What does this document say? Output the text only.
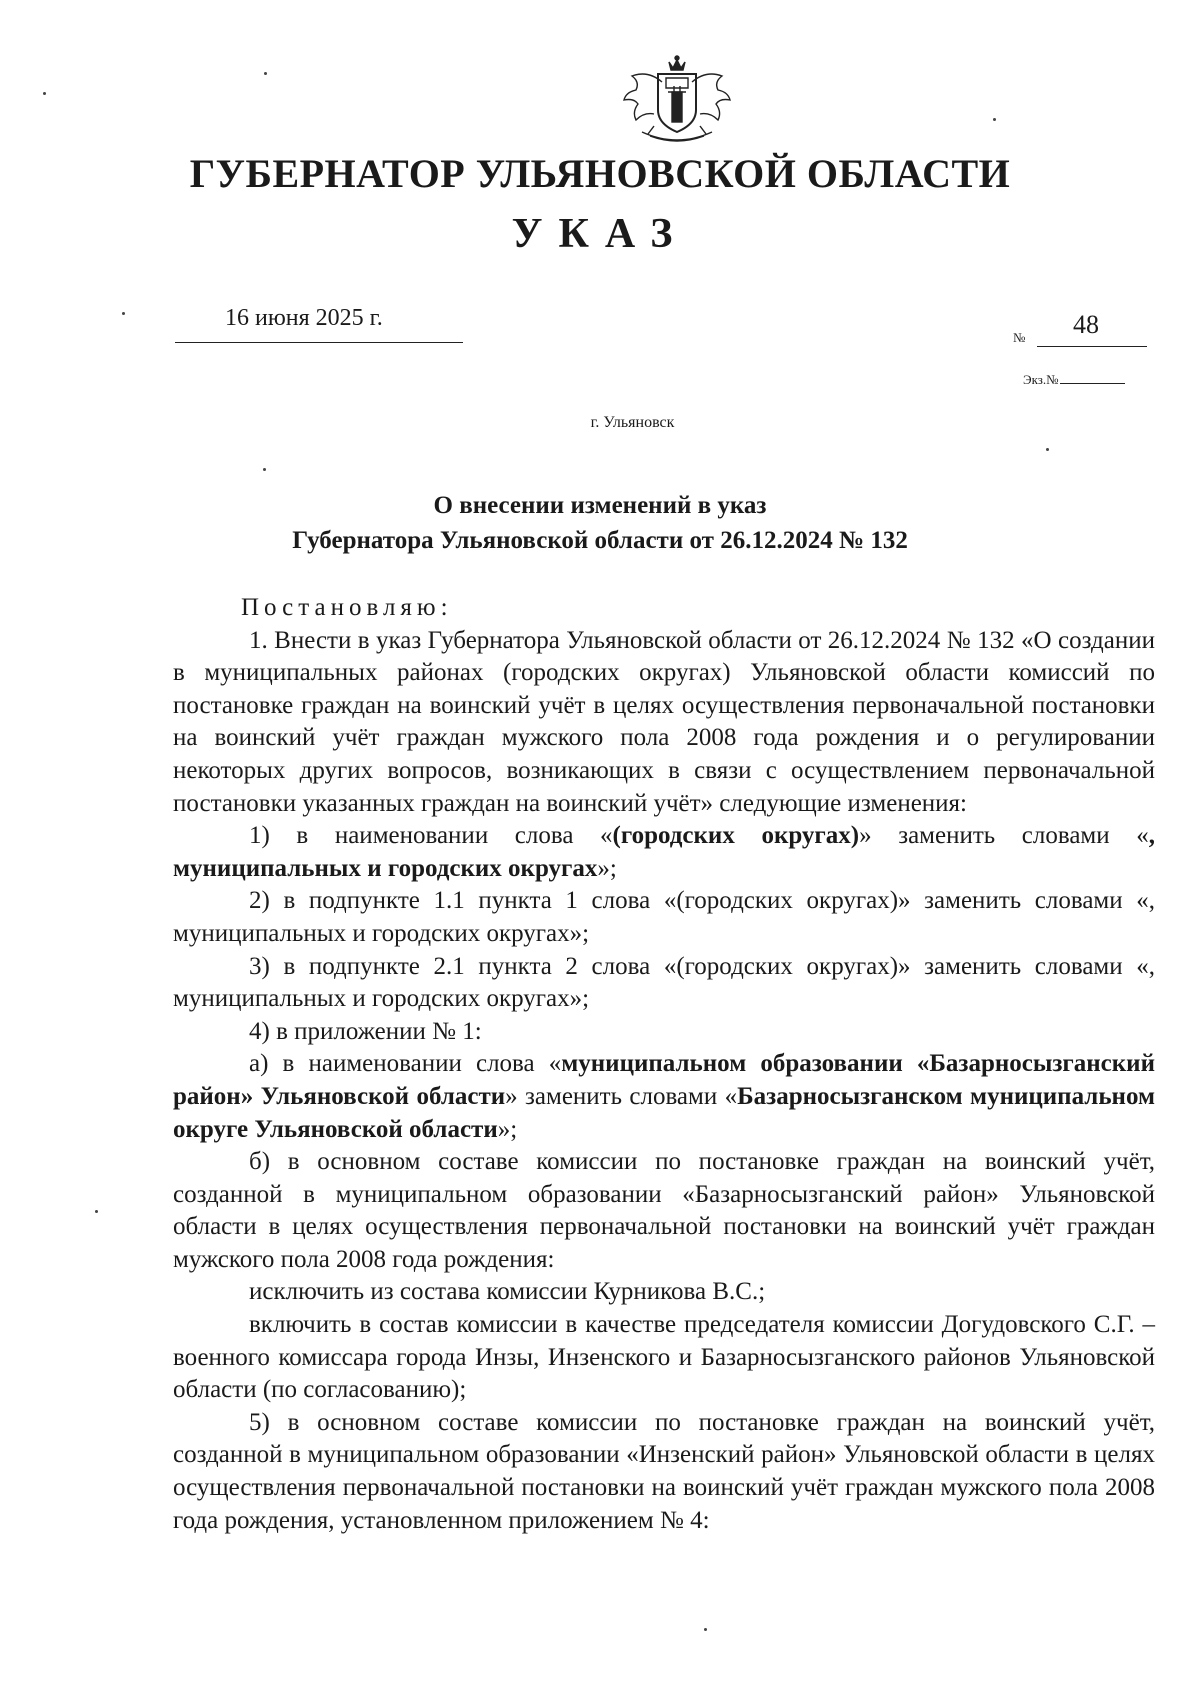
ГУБЕРНАТОР УЛЬЯНОВСКОЙ ОБЛАСТИ
УКАЗ
16 июня 2025 г.
№ 48
Экз.№
г. Ульяновск
О внесении изменений в указ
Губернатора Ульяновской области от 26.12.2024 № 132

Постановляю:

1. Внести в указ Губернатора Ульяновской области от 26.12.2024 № 132 «О создании в муниципальных районах (городских округах) Ульяновской области комиссий по постановке граждан на воинский учёт в целях осуществления первоначальной постановки на воинский учёт граждан мужского пола 2008 года рождения и о регулировании некоторых других вопросов, возникающих в связи с осуществлением первоначальной постановки указанных граждан на воинский учёт» следующие изменения:

1) в наименовании слова «(городских округах)» заменить словами «, муниципальных и городских округах»;

2) в подпункте 1.1 пункта 1 слова «(городских округах)» заменить словами «, муниципальных и городских округах»;

3) в подпункте 2.1 пункта 2 слова «(городских округах)» заменить словами «, муниципальных и городских округах»;

4) в приложении № 1:

а) в наименовании слова «муниципальном образовании «Базарносызганский район» Ульяновской области» заменить словами «Базарносызганском муниципальном округе Ульяновской области»;

б) в основном составе комиссии по постановке граждан на воинский учёт, созданной в муниципальном образовании «Базарносызганский район» Ульяновской области в целях осуществления первоначальной постановки на воинский учёт граждан мужского пола 2008 года рождения:

исключить из состава комиссии Курникова В.С.;

включить в состав комиссии в качестве председателя комиссии Догудовского С.Г. – военного комиссара города Инзы, Инзенского и Базарносызганского районов Ульяновской области (по согласованию);

5) в основном составе комиссии по постановке граждан на воинский учёт, созданной в муниципальном образовании «Инзенский район» Ульяновской области в целях осуществления первоначальной постановки на воинский учёт граждан мужского пола 2008 года рождения, установленном приложением № 4:
